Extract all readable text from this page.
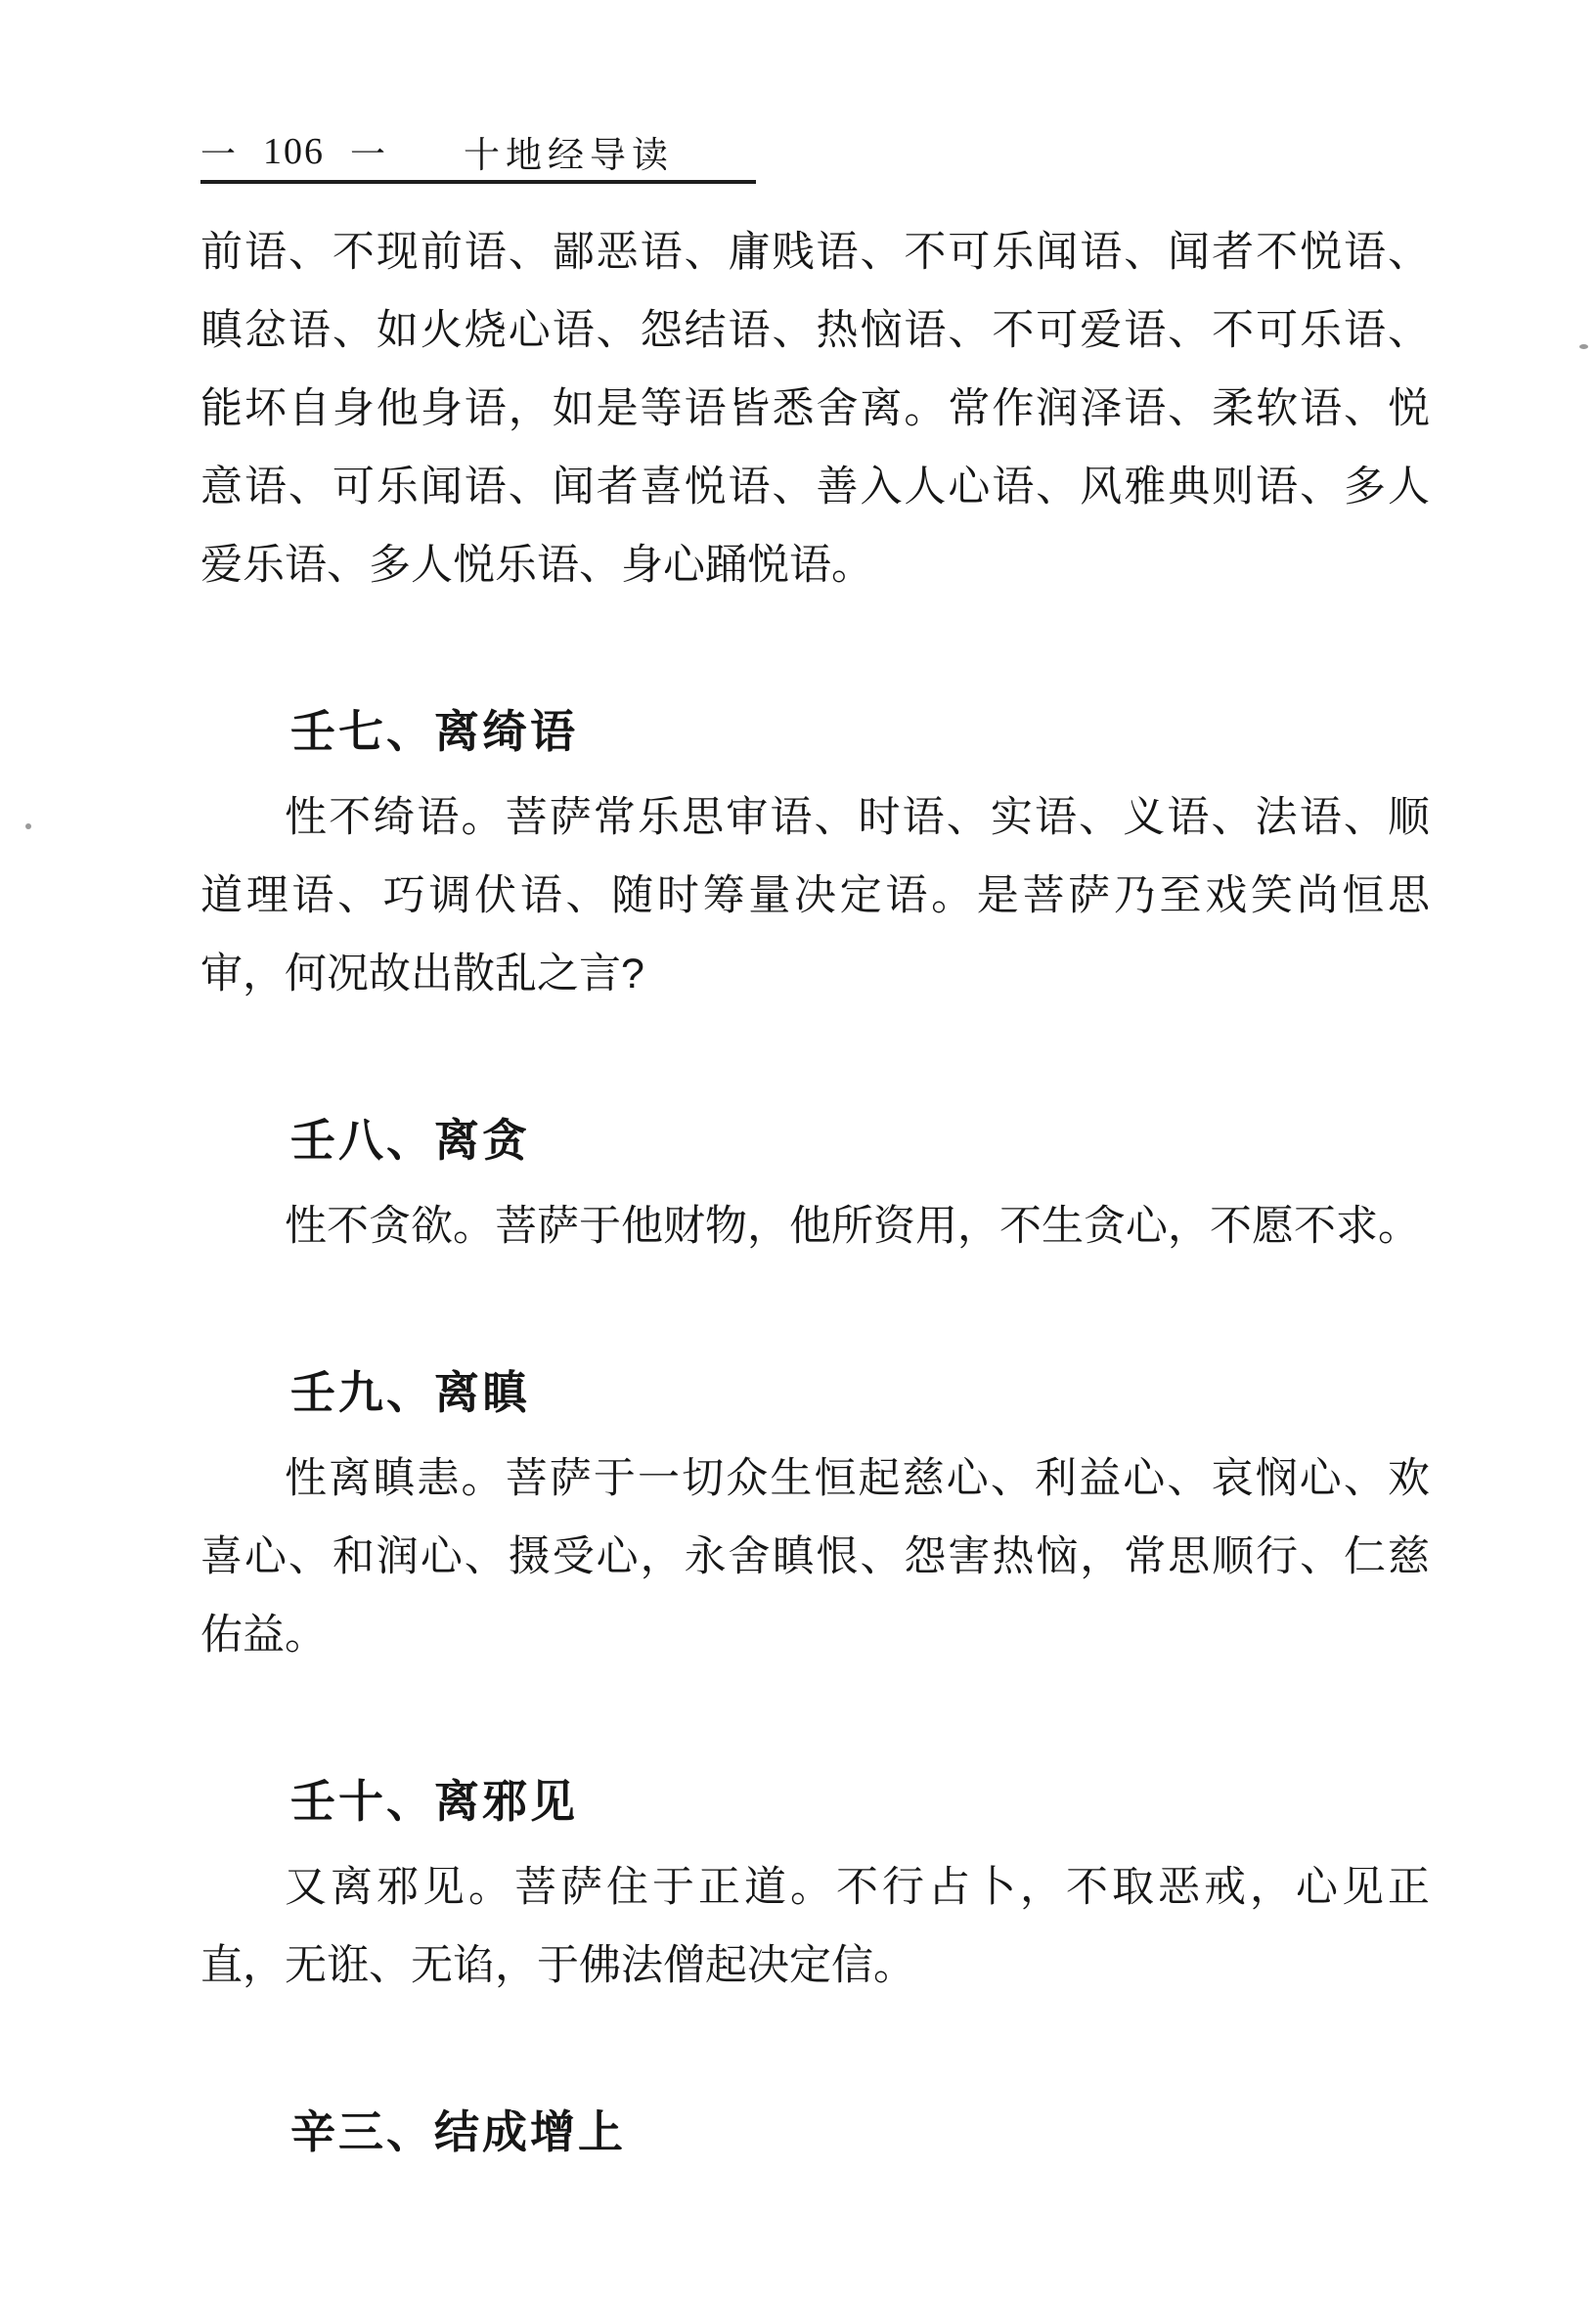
一 106 一 十地经导读
前语、不现前语、鄙恶语、庸贱语、不可乐闻语、闻者不悦语、
瞋忿语、如火烧心语、怨结语、热恼语、不可爱语、不可乐语、
能坏自身他身语，如是等语皆悉舍离。常作润泽语、柔软语、悦
意语、可乐闻语、闻者喜悦语、善入人心语、风雅典则语、多人
爱乐语、多人悦乐语、身心踊悦语。
壬七、离绮语
性不绮语。菩萨常乐思审语、时语、实语、义语、法语、顺
道理语、巧调伏语、随时筹量决定语。是菩萨乃至戏笑尚恒思
审，何况故出散乱之言?
壬八、离贪
性不贪欲。菩萨于他财物，他所资用，不生贪心，不愿不求。
壬九、离瞋
性离瞋恚。菩萨于一切众生恒起慈心、利益心、哀悯心、欢
喜心、和润心、摄受心，永舍瞋恨、怨害热恼，常思顺行、仁慈
佑益。
壬十、离邪见
又离邪见。菩萨住于正道。不行占卜，不取恶戒，心见正
直，无诳、无谄，于佛法僧起决定信。
辛三、结成增上
